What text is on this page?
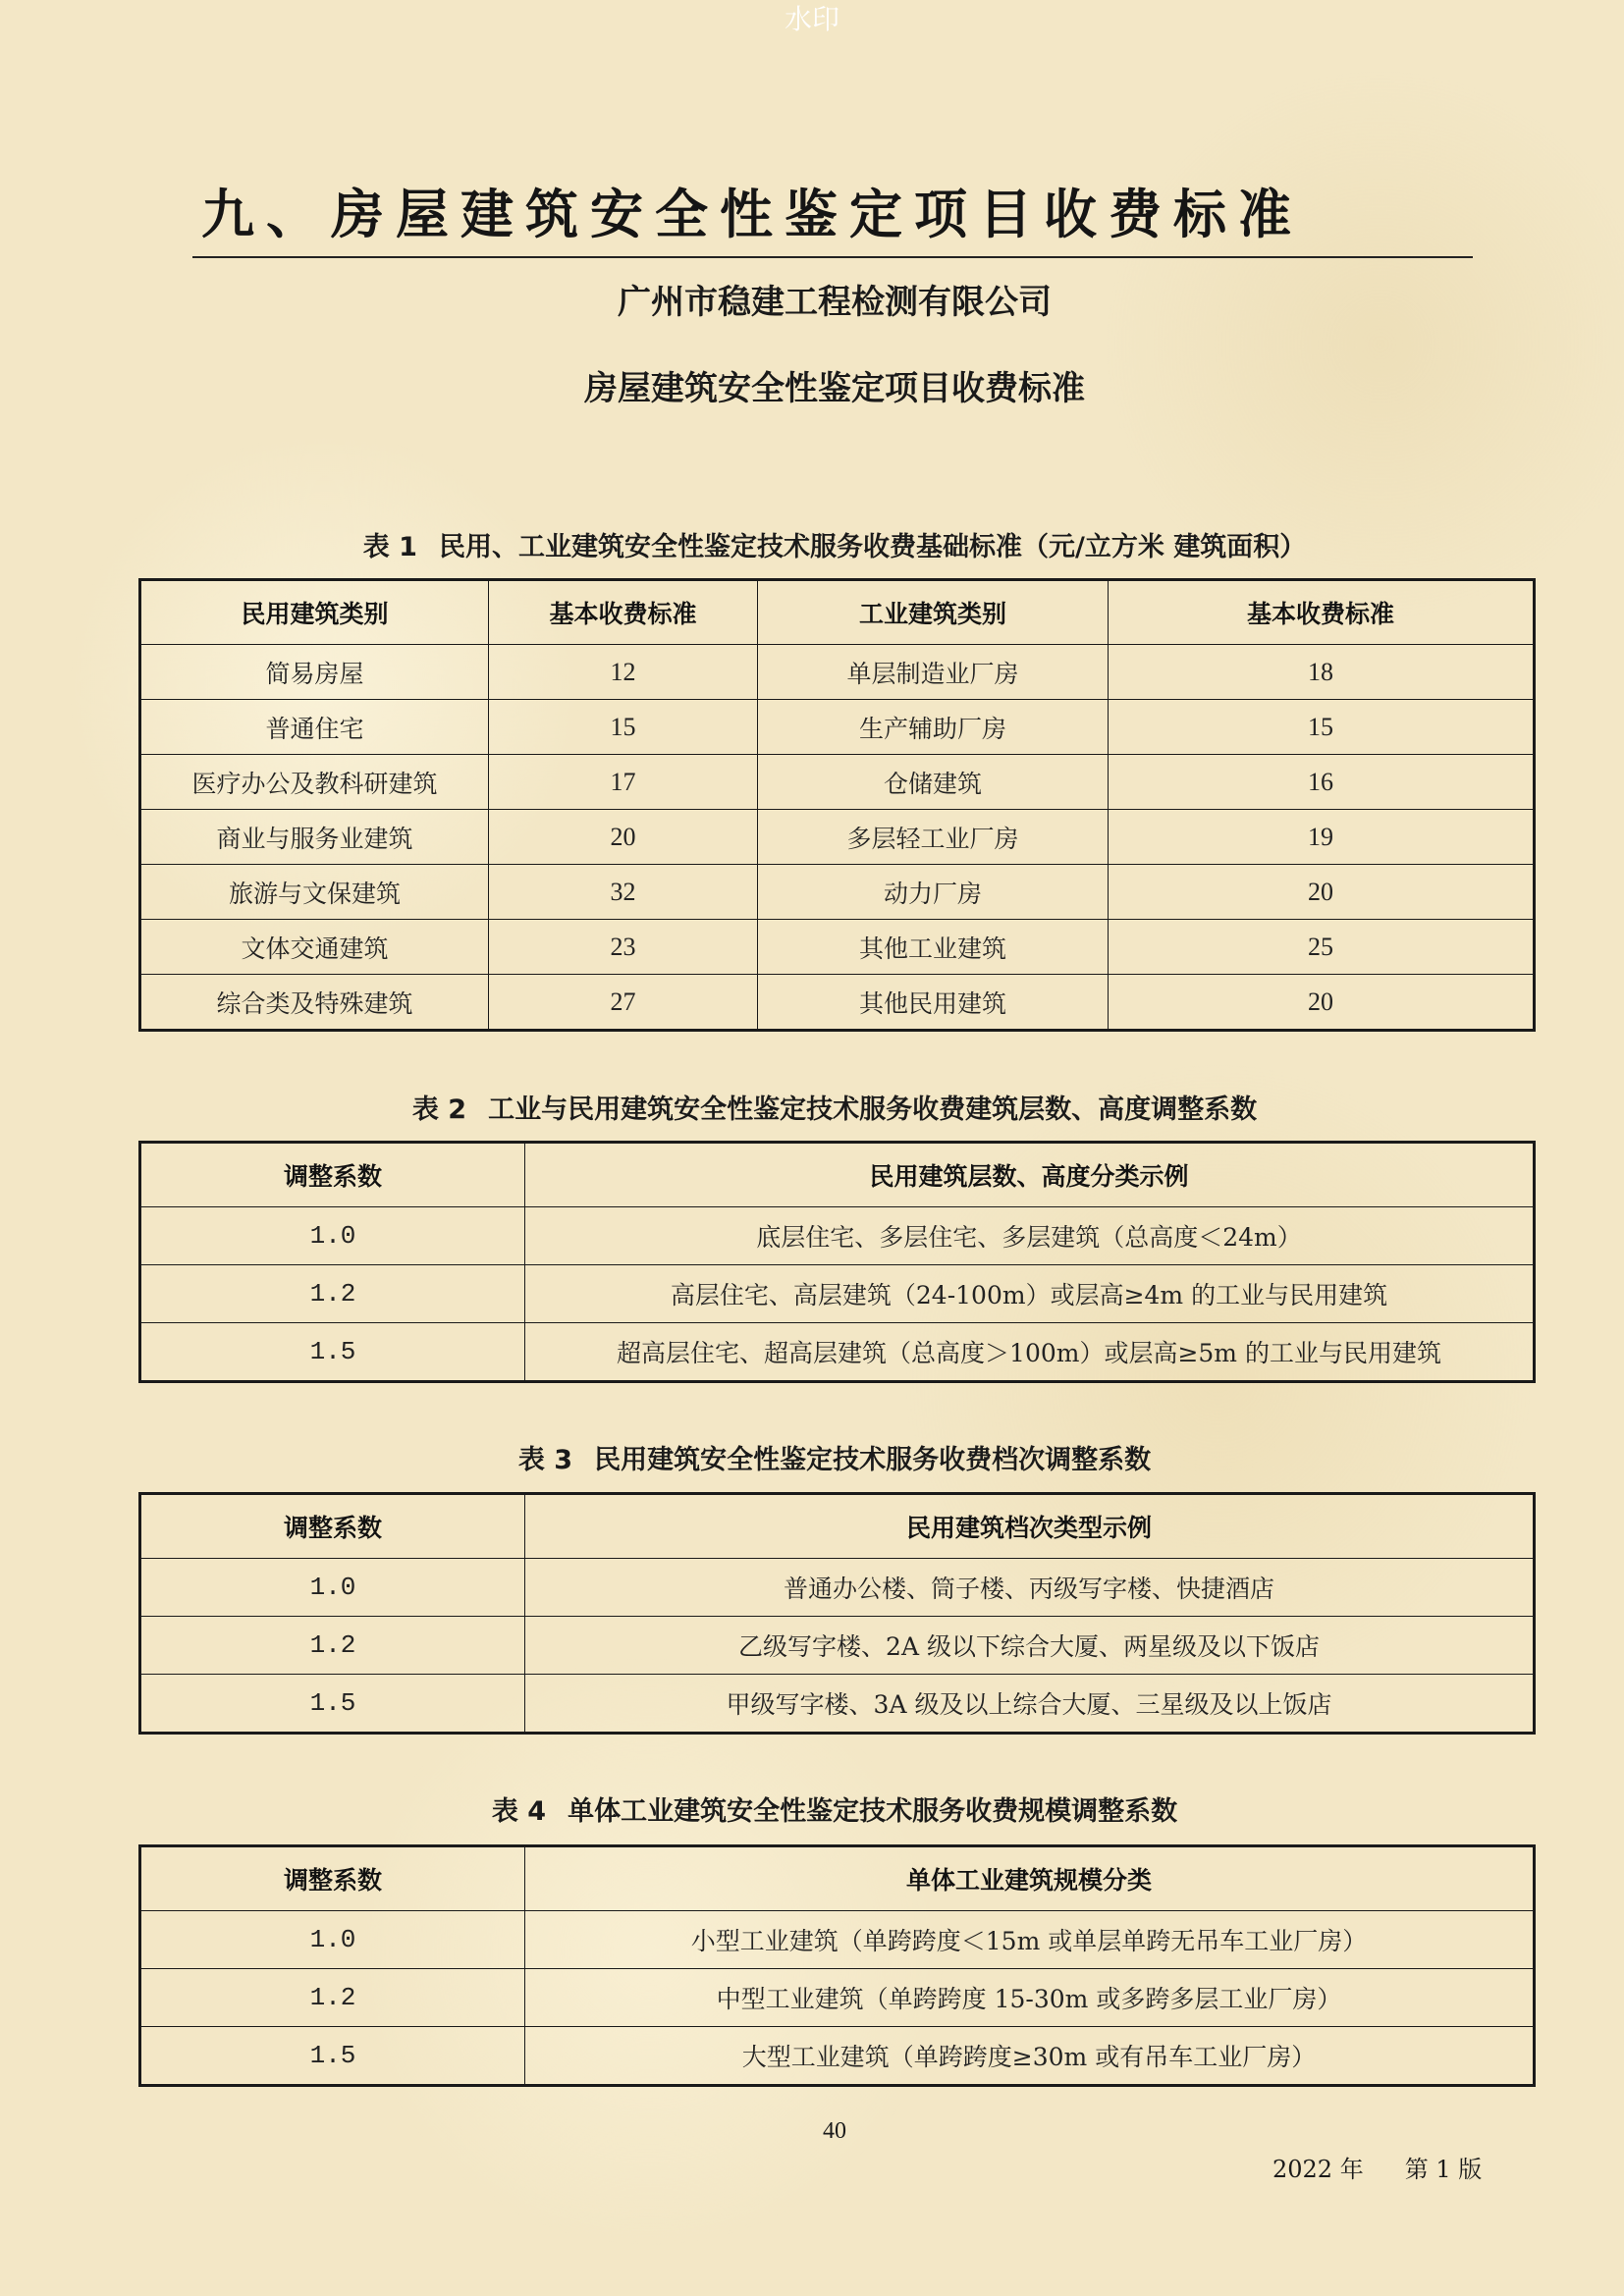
水印
九、房屋建筑安全性鉴定项目收费标准
广州市稳建工程检测有限公司
房屋建筑安全性鉴定项目收费标准
表 1 民用、工业建筑安全性鉴定技术服务收费基础标准（元/立方米 建筑面积）
民用建筑类别	基本收费标准	工业建筑类别	基本收费标准
简易房屋	12	单层制造业厂房	18
普通住宅	15	生产辅助厂房	15
医疗办公及教科研建筑	17	仓储建筑	16
商业与服务业建筑	20	多层轻工业厂房	19
旅游与文保建筑	32	动力厂房	20
文体交通建筑	23	其他工业建筑	25
综合类及特殊建筑	27	其他民用建筑	20
表 2 工业与民用建筑安全性鉴定技术服务收费建筑层数、高度调整系数
调整系数	民用建筑层数、高度分类示例
1.0	底层住宅、多层住宅、多层建筑（总高度＜24m）
1.2	高层住宅、高层建筑（24-100m）或层高≥4m 的工业与民用建筑
1.5	超高层住宅、超高层建筑（总高度＞100m）或层高≥5m 的工业与民用建筑
表 3 民用建筑安全性鉴定技术服务收费档次调整系数
调整系数	民用建筑档次类型示例
1.0	普通办公楼、筒子楼、丙级写字楼、快捷酒店
1.2	乙级写字楼、2A 级以下综合大厦、两星级及以下饭店
1.5	甲级写字楼、3A 级及以上综合大厦、三星级及以上饭店
表 4 单体工业建筑安全性鉴定技术服务收费规模调整系数
调整系数	单体工业建筑规模分类
1.0	小型工业建筑（单跨跨度＜15m 或单层单跨无吊车工业厂房）
1.2	中型工业建筑（单跨跨度 15-30m 或多跨多层工业厂房）
1.5	大型工业建筑（单跨跨度≥30m 或有吊车工业厂房）
40
2022 年 第 1 版
